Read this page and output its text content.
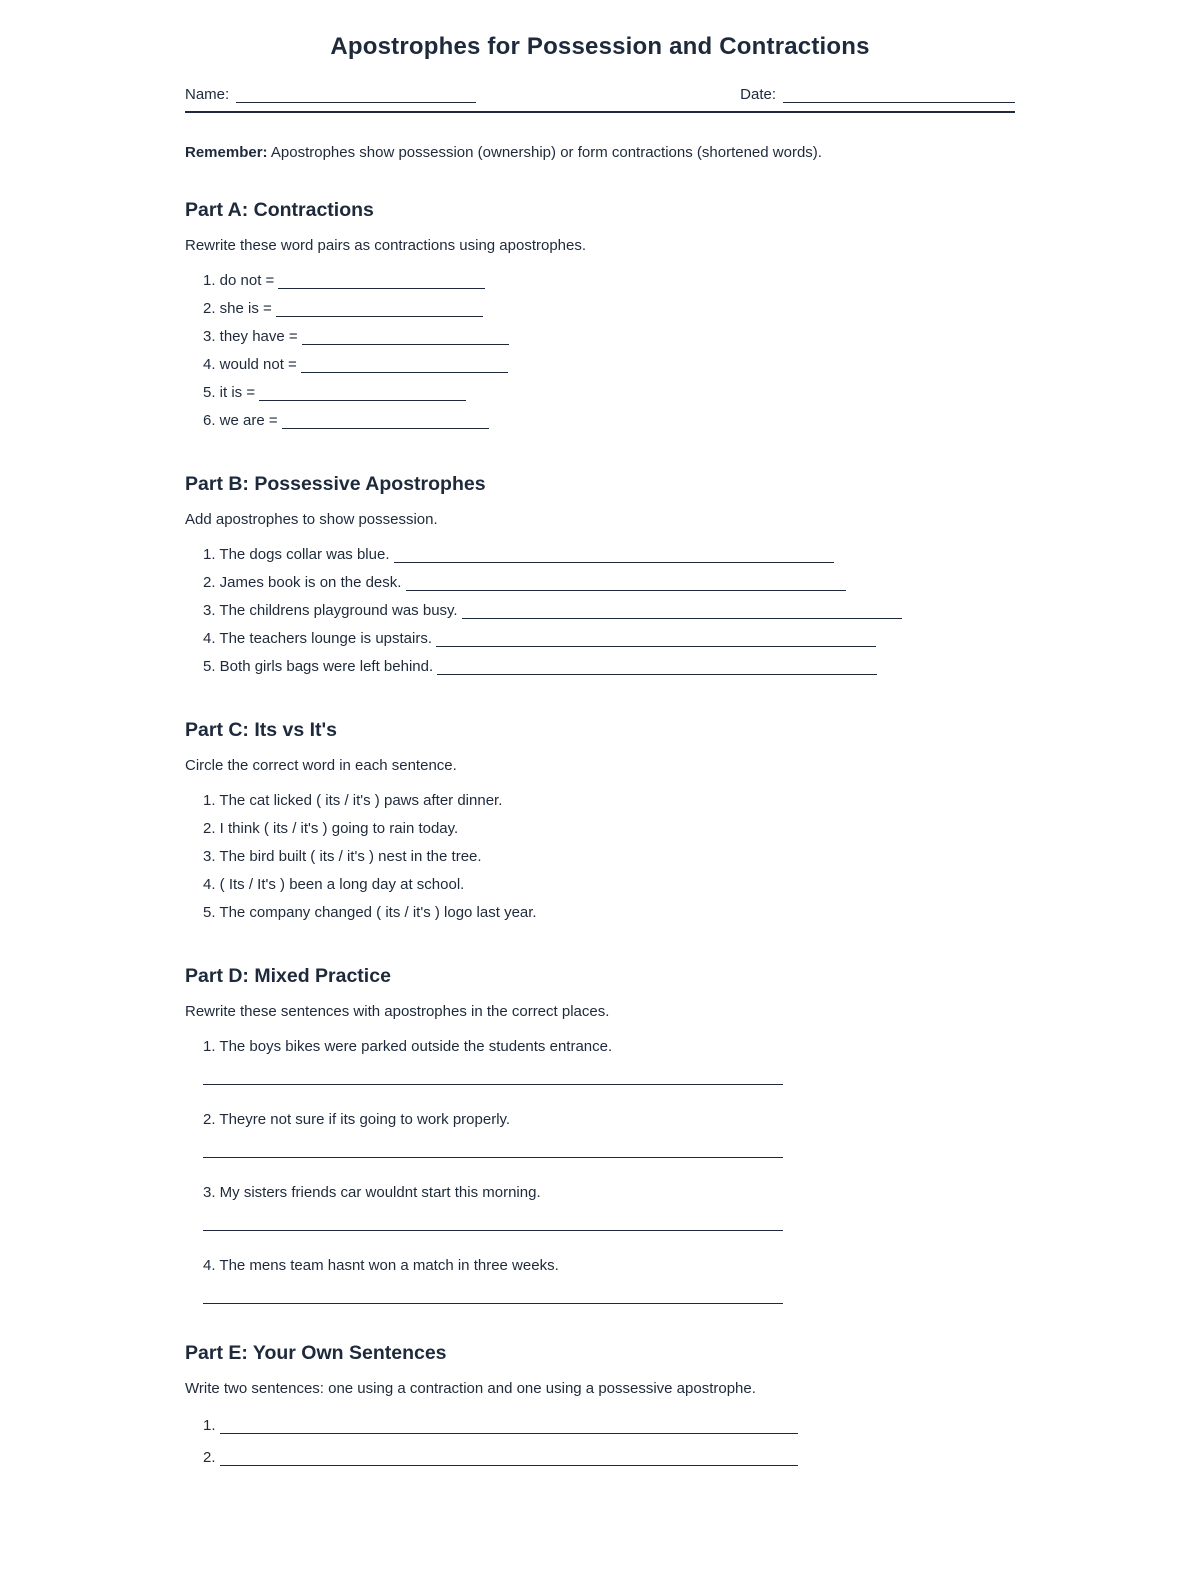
Apostrophes for Possession and Contractions
Name:	Date:

Remember: Apostrophes show possession (ownership) or form contractions (shortened words).

Part A: Contractions

Rewrite these word pairs as contractions using apostrophes.

1. do not =
2. she is =
3. they have =
4. would not =
5. it is =
6. we are =
Part B: Possessive Apostrophes

Add apostrophes to show possession.

1. The dogs collar was blue.
2. James book is on the desk.
3. The childrens playground was busy.
4. The teachers lounge is upstairs.
5. Both girls bags were left behind.
Part C: Its vs It's

Circle the correct word in each sentence.

1. The cat licked ( its / it's ) paws after dinner.
2. I think ( its / it's ) going to rain today.
3. The bird built ( its / it's ) nest in the tree.
4. ( Its / It's ) been a long day at school.
5. The company changed ( its / it's ) logo last year.
Part D: Mixed Practice

Rewrite these sentences with apostrophes in the correct places.

1. The boys bikes were parked outside the students entrance.
2. Theyre not sure if its going to work properly.
3. My sisters friends car wouldnt start this morning.
4. The mens team hasnt won a match in three weeks.
Part E: Your Own Sentences

Write two sentences: one using a contraction and one using a possessive apostrophe.

1.
2.
